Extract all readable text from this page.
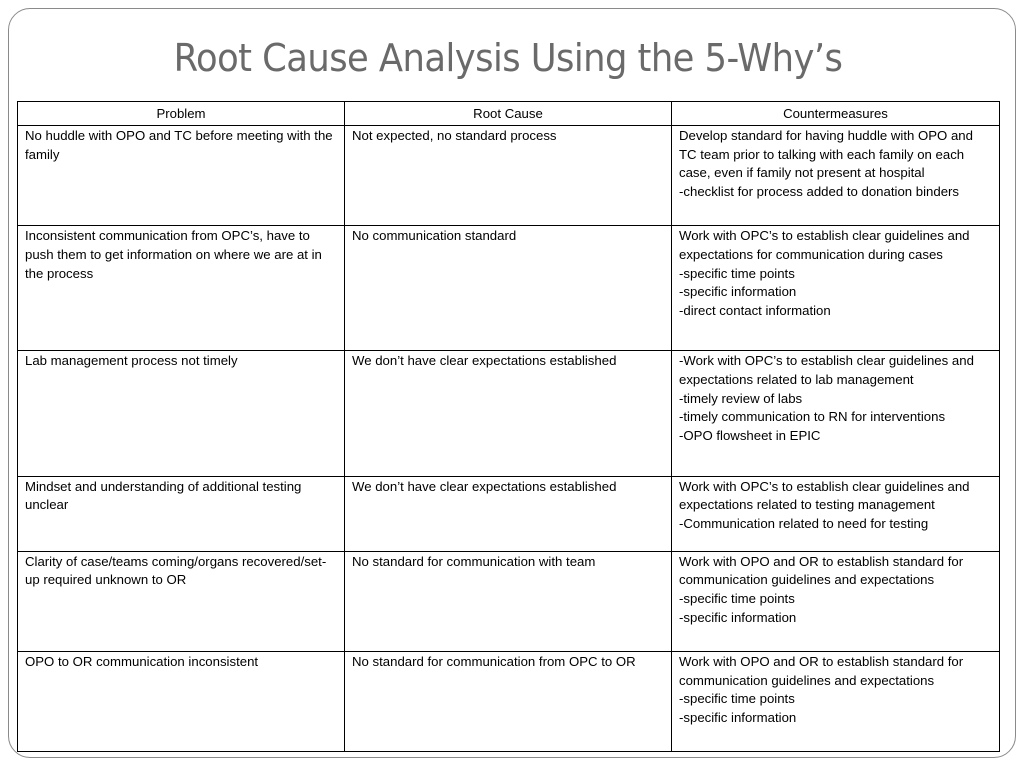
Root Cause Analysis Using the 5-Why’s
Problem	Root Cause	Countermeasures
No huddle with OPO and TC before meeting with the family	Not expected, no standard process	Develop standard for having huddle with OPO and TC team prior to talking with each family on each case, even if family not present at hospital
-checklist for process added to donation binders

Inconsistent communication from OPC’s, have to push them to get information on where we are at in the process	No communication standard	Work with OPC’s to establish clear guidelines and expectations for communication during cases
-specific time points
-specific information
-direct contact information

Lab management process not timely	We don’t have clear expectations established	-Work with OPC’s to establish clear guidelines and expectations related to lab management
-timely review of labs
-timely communication to RN for interventions
-OPO flowsheet in EPIC

Mindset and understanding of additional testing unclear	We don’t have clear expectations established	Work with OPC’s to establish clear guidelines and expectations related to testing management
-Communication related to need for testing

Clarity of case/teams coming/organs recovered/set-up required unknown to OR	No standard for communication with team	Work with OPO and OR to establish standard for communication guidelines and expectations
-specific time points
-specific information

OPO to OR communication inconsistent	No standard for communication from OPC to OR	Work with OPO and OR to establish standard for communication guidelines and expectations
-specific time points
-specific information
